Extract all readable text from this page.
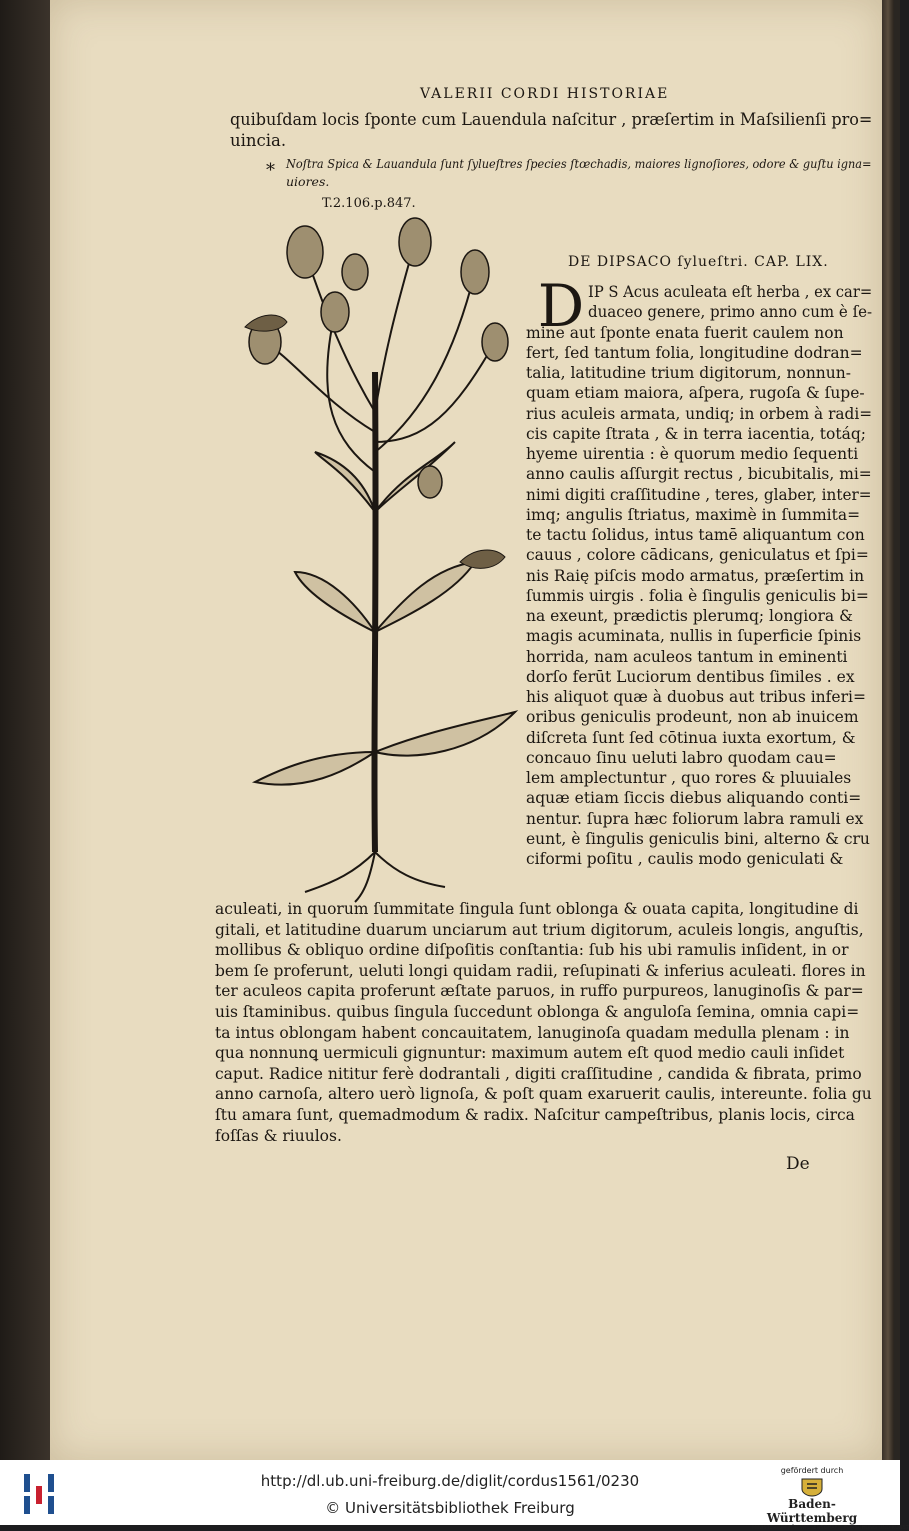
VALERII CORDI HISTORIAE
quibuſdam locis ſponte cum Lauendula naſcitur , præſertim in Maſsilienſi pro=
uincia.
* Noſtra Spica & Lauandula ſunt ſylueſtres ſpecies ſtœchadis, maiores lignoſiores, odore & guſtu igna=
uiores.
T.2.106.p.847.
DE DIPSACO ſylueſtri. CAP. LIX.
D IP S Acus aculeata eſt herba , ex car=
duaceo genere, primo anno cum è ſe-
mine aut ſponte enata fuerit caulem non
fert, ſed tantum folia, longitudine dodran=
talia, latitudine trium digitorum, nonnun-
quam etiam maiora, aſpera, rugoſa & ſupe-
rius aculeis armata, undiq; in orbem à radi=
cis capite ſtrata , & in terra iacentia, totáq;
hyeme uirentia : è quorum medio ſequenti
anno caulis aſſurgit rectus , bicubitalis, mi=
nimi digiti craſſitudine , teres, glaber, inter=
imq; angulis ſtriatus, maximè in ſummita=
te tactu ſolidus, intus tamē aliquantum con
cauus , colore cādicans, geniculatus et ſpi=
nis Raię piſcis modo armatus, præſertim in
ſummis uirgis . folia è ſingulis geniculis bi=
na exeunt, prædictis plerumq; longiora &
magis acuminata, nullis in ſuperficie ſpinis
horrida, nam aculeos tantum in eminenti
dorſo ferūt Luciorum dentibus ſimiles . ex
his aliquot quæ à duobus aut tribus inferi=
oribus geniculis prodeunt, non ab inuicem
diſcreta ſunt ſed cōtinua iuxta exortum, &
concauo ſinu ueluti labro quodam cau=
lem amplectuntur , quo rores & pluuiales
aquæ etiam ſiccis diebus aliquando conti=
nentur. ſupra hæc foliorum labra ramuli ex
eunt, è ſingulis geniculis bini, alterno & cru
ciformi poſitu , caulis modo geniculati &
aculeati, in quorum ſummitate ſingula ſunt oblonga & ouata capita, longitudine di
gitali, et latitudine duarum unciarum aut trium digitorum, aculeis longis, anguſtis,
mollibus & obliquo ordine diſpoſitis conſtantia: ſub his ubi ramulis inſident, in or
bem ſe proferunt, ueluti longi quidam radii, reſupinati & inferius aculeati. flores in
ter aculeos capita proferunt æſtate paruos, in ruffo purpureos, lanuginoſis & par=
uis ſtaminibus. quibus ſingula ſuccedunt oblonga & anguloſa ſemina, omnia capi=
ta intus oblongam habent concauitatem, lanuginoſa quadam medulla plenam : in
qua nonnunꝗ uermiculi gignuntur: maximum autem eſt quod medio cauli inſidet
caput. Radice nititur ferè dodrantali , digiti craſſitudine , candida & fibrata, primo
anno carnoſa, altero uerò lignoſa, & poſt quam exaruerit caulis, intereunte. folia gu
ſtu amara ſunt, quemadmodum & radix. Naſcitur campeſtribus, planis locis, circa
foſſas & riuulos.
De
http://dl.ub.uni-freiburg.de/diglit/cordus1561/0230
© Universitätsbibliothek Freiburg
gefördert durch
Baden-Württemberg
MINISTERIUM FÜR WISSENSCHAFT, FORSCHUNG UND KUNST
